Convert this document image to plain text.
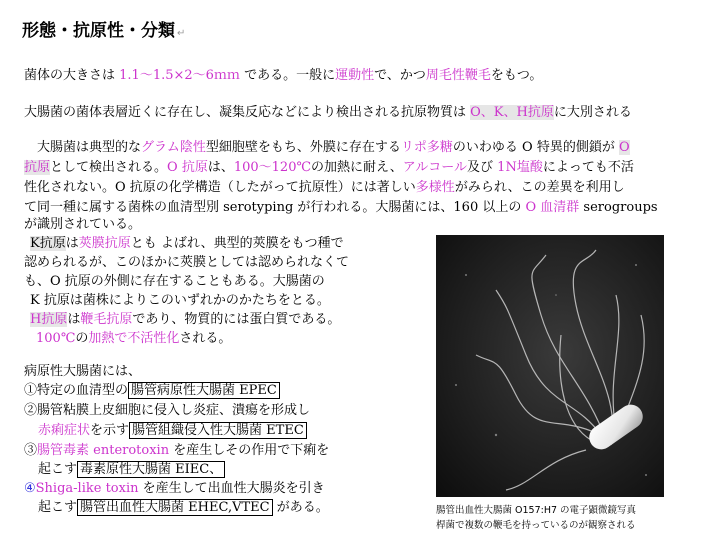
形態・抗原性・分類 ↵
菌体の大きさは 1.1～1.5×2～6ｍｍ である。一般に運動性で、かつ周毛性鞭毛をもつ。
大腸菌の菌体表層近くに存在し、凝集反応などにより検出される抗原物質は O、K、H抗原に大別される
　大腸菌は典型的なグラム陰性型細胞壁をもち、外膜に存在するリポ多糖のいわゆる O 特異的側鎖が O
抗原として検出される。O 抗原は、100～120℃の加熱に耐え、アルコール及び 1N塩酸によっても不活
性化されない。O 抗原の化学構造（したがって抗原性）には著しい多様性がみられ、この差異を利用し
て同一種に属する菌株の血清型別 serotyping が行われる。大腸菌には、160 以上の O 血清群 serogroups
が識別されている。
K抗原は莢膜抗原とも よばれ、典型的莢膜をもつ種で
認められるが、このほかに莢膜としては認められなくて
も、O 抗原の外側に存在することもある。大腸菌の
K 抗原は菌株によりこのいずれかのかたちをとる。
H抗原は鞭毛抗原であり、物質的には蛋白質である。
100℃の加熱で不活性化される。
病原性大腸菌には、
①特定の血清型の 腸管病原性大腸菌 EPEC
②腸管粘膜上皮細胞に侵入し炎症、潰瘍を形成し
赤痢症状を示す 腸管組織侵入性大腸菌 ETEC
③腸管毒素 enterotoxin を産生しその作用で下痢を
起こす 毒素原性大腸菌 EIEC、
④Shiga-like toxin を産生して出血性大腸炎を引き
起こす 腸管出血性大腸菌 EHEC,VTEC がある。	腸管出血性大腸菌 O157:H7 の電子顕微鏡写真
桿菌で複数の鞭毛を持っているのが観察される
